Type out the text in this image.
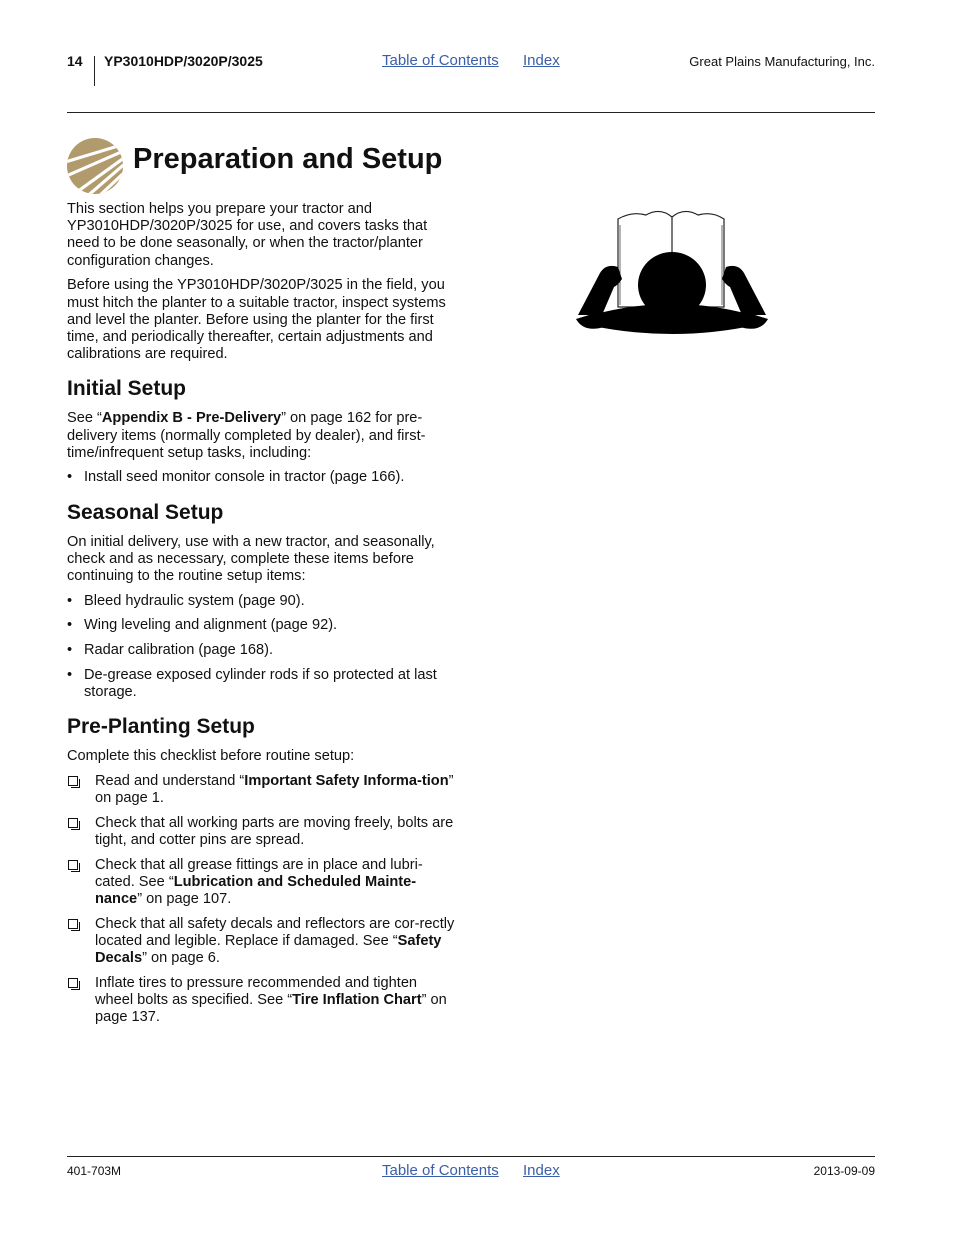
14 YP3010HDP/3020P/3025	Table of Contents Index	Great Plains Manufacturing, Inc.
Preparation and Setup

This section helps you prepare your tractor and YP3010HDP/3020P/3025 for use, and covers tasks that need to be done seasonally, or when the tractor/planter configuration changes.

Before using the YP3010HDP/3020P/3025 in the field, you must hitch the planter to a suitable tractor, inspect systems and level the planter. Before using the planter for the first time, and periodically thereafter, certain adjustments and calibrations are required.

Initial Setup

See “Appendix B - Pre-Delivery” on page 162 for pre-delivery items (normally completed by dealer), and first-time/infrequent setup tasks, including:

• Install seed monitor console in tractor (page 166).
Seasonal Setup

On initial delivery, use with a new tractor, and seasonally, check and as necessary, complete these items before continuing to the routine setup items:

• Bleed hydraulic system (page 90).
• Wing leveling and alignment (page 92).
• Radar calibration (page 168).
• De-grease exposed cylinder rods if so protected at last storage.
Pre-Planting Setup

Complete this checklist before routine setup:

Read and understand “Important Safety Informa-tion” on page 1.
Check that all working parts are moving freely, bolts are tight, and cotter pins are spread.
Check that all grease fittings are in place and lubri-cated. See “Lubrication and Scheduled Mainte-nance” on page 107.
Check that all safety decals and reflectors are cor-rectly located and legible. Replace if damaged. See “Safety Decals” on page 6.
Inflate tires to pressure recommended and tighten wheel bolts as specified. See “Tire Inflation Chart” on page 137.
401-703M	Table of Contents Index	2013-09-09
